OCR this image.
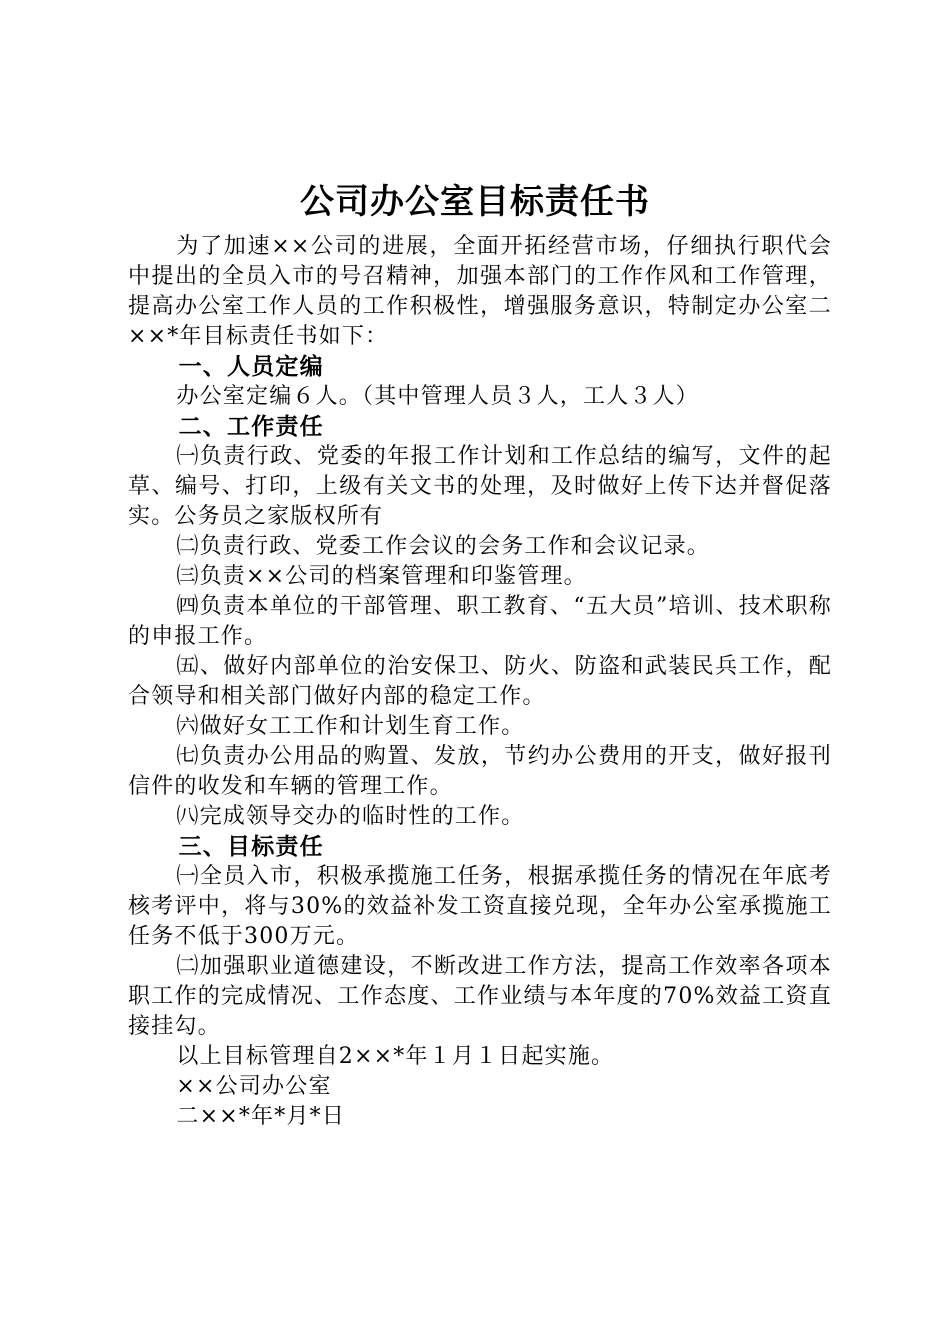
公司办公室目标责任书

为了加速××公司的进展，全面开拓经营市场，仔细执行职代会中提出的全员入市的号召精神，加强本部门的工作作风和工作管理，提高办公室工作人员的工作积极性，增强服务意识，特制定办公室二××*年目标责任书如下：

一、人员定编

办公室定编６人。（其中管理人员３人，工人３人）

二、工作责任

㈠负责行政、党委的年报工作计划和工作总结的编写，文件的起草、编号、打印，上级有关文书的处理，及时做好上传下达并督促落实。公务员之家版权所有

㈡负责行政、党委工作会议的会务工作和会议记录。

㈢负责××公司的档案管理和印鉴管理。

㈣负责本单位的干部管理、职工教育、“五大员”培训、技术职称的申报工作。

㈤、做好内部单位的治安保卫、防火、防盗和武装民兵工作，配合领导和相关部门做好内部的稳定工作。

㈥做好女工工作和计划生育工作。

㈦负责办公用品的购置、发放，节约办公费用的开支，做好报刊信件的收发和车辆的管理工作。

㈧完成领导交办的临时性的工作。

三、目标责任

㈠全员入市，积极承揽施工任务，根据承揽任务的情况在年底考核考评中，将与30%的效益补发工资直接兑现，全年办公室承揽施工任务不低于300万元。

㈡加强职业道德建设，不断改进工作方法，提高工作效率各项本职工作的完成情况、工作态度、工作业绩与本年度的70%效益工资直接挂勾。

以上目标管理自2××*年１月１日起实施。

××公司办公室

二××*年*月*日
